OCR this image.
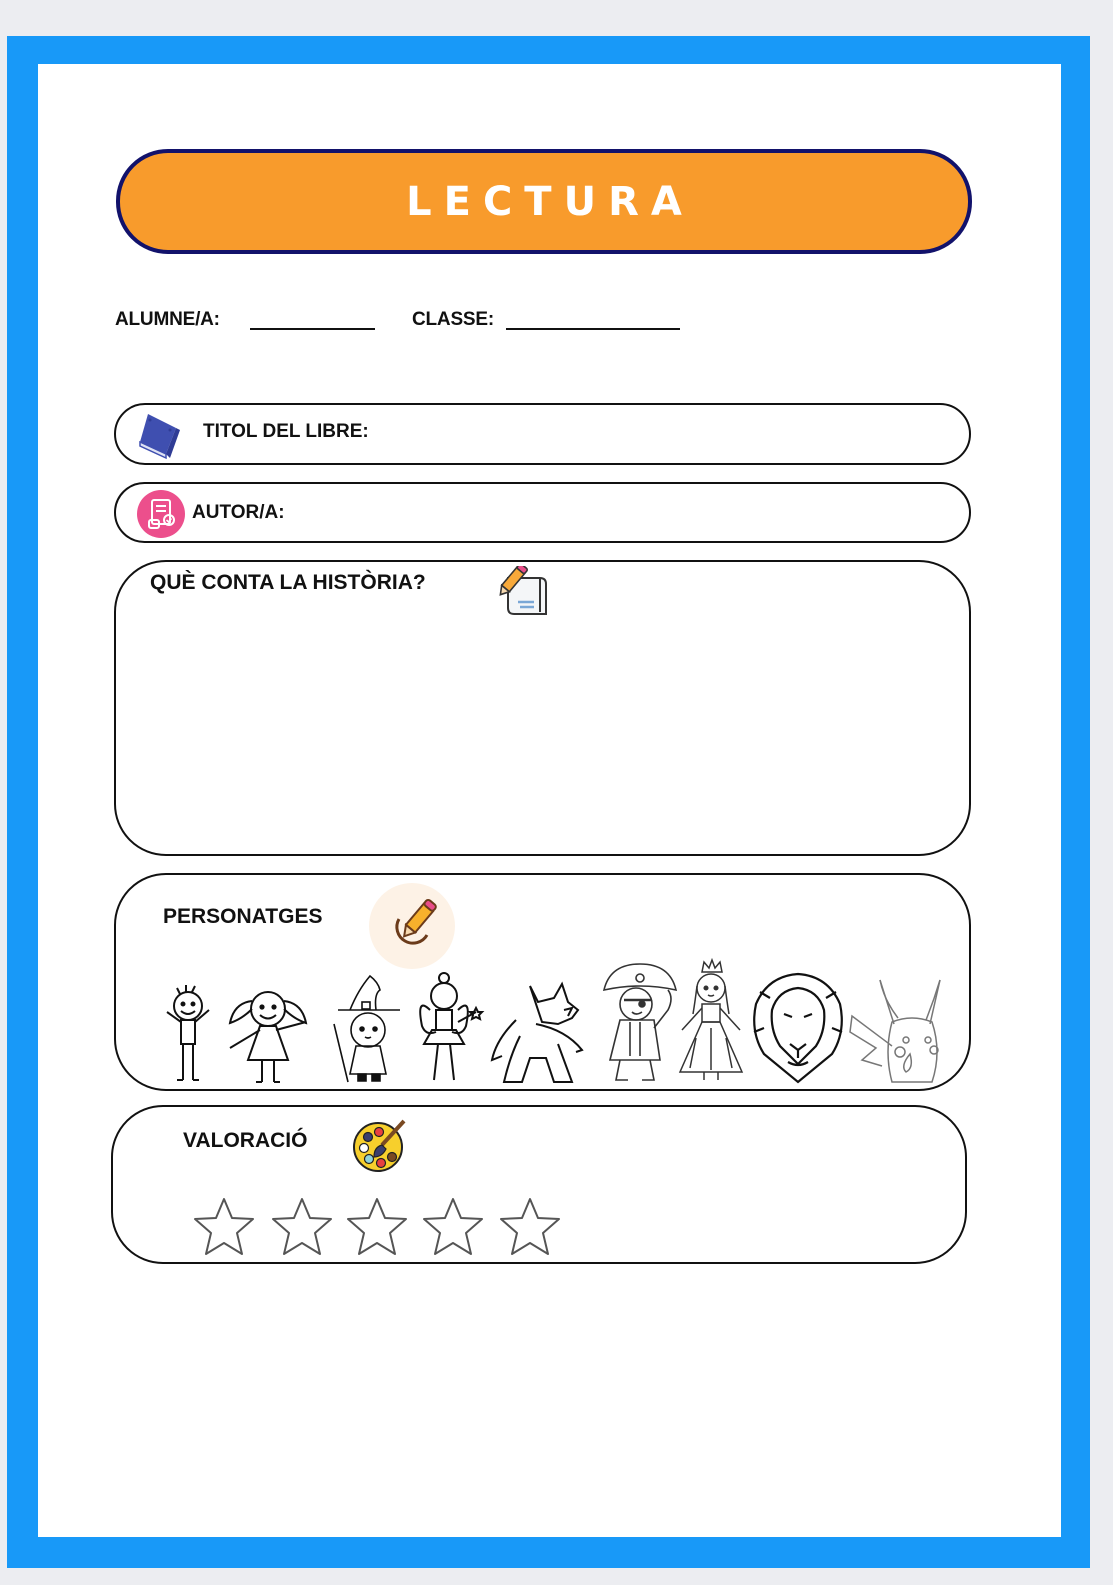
LECTURA
ALUMNE/A:	CLASSE:
TITOL DEL LIBRE:
AUTOR/A:
QUÈ CONTA LA HISTÒRIA?
PERSONATGES
VALORACIÓ
